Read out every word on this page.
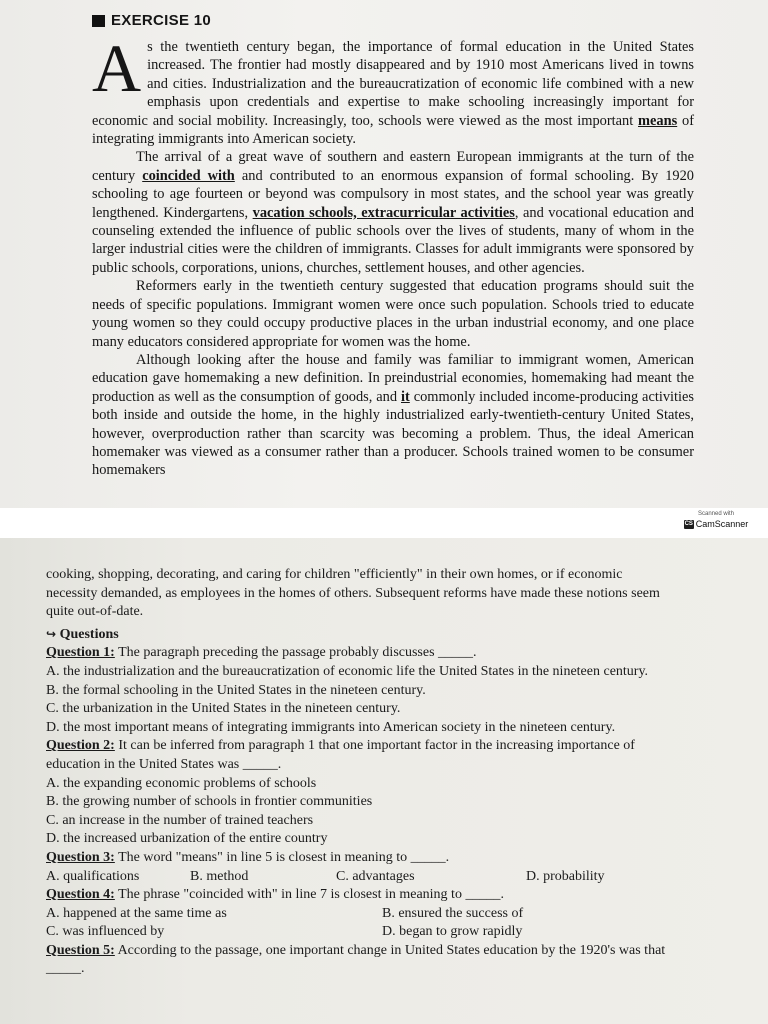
EXERCISE 10

As the twentieth century began, the importance of formal education in the United States increased. The frontier had mostly disappeared and by 1910 most Americans lived in towns and cities. Industrialization and the bureaucratization of economic life combined with a new emphasis upon credentials and expertise to make schooling increasingly important for economic and social mobility. Increasingly, too, schools were viewed as the most important means of integrating immigrants into American society.

The arrival of a great wave of southern and eastern European immigrants at the turn of the century coincided with and contributed to an enormous expansion of formal schooling. By 1920 schooling to age fourteen or beyond was compulsory in most states, and the school year was greatly lengthened. Kindergartens, vacation schools, extracurricular activities, and vocational education and counseling extended the influence of public schools over the lives of students, many of whom in the larger industrial cities were the children of immigrants. Classes for adult immigrants were sponsored by public schools, corporations, unions, churches, settlement houses, and other agencies.

Reformers early in the twentieth century suggested that education programs should suit the needs of specific populations. Immigrant women were once such population. Schools tried to educate young women so they could occupy productive places in the urban industrial economy, and one place many educators considered appropriate for women was the home.

Although looking after the house and family was familiar to immigrant women, American education gave homemaking a new definition. In preindustrial economies, homemaking had meant the production as well as the consumption of goods, and it commonly included income-producing activities both inside and outside the home, in the highly industrialized early-twentieth-century United States, however, overproduction rather than scarcity was becoming a problem. Thus, the ideal American homemaker was viewed as a consumer rather than a producer. Schools trained women to be consumer homemakers

Scanned with
CS CamScanner

cooking, shopping, decorating, and caring for children "efficiently" in their own homes, or if economic necessity demanded, as employees in the homes of others. Subsequent reforms have made these notions seem quite out-of-date.

↪ Questions

Question 1: The paragraph preceding the passage probably discusses _____.

A. the industrialization and the bureaucratization of economic life the United States in the nineteen century.

B. the formal schooling in the United States in the nineteen century.

C. the urbanization in the United States in the nineteen century.

D. the most important means of integrating immigrants into American society in the nineteen century.

Question 2: It can be inferred from paragraph 1 that one important factor in the increasing importance of education in the United States was _____.

A. the expanding economic problems of schools

B. the growing number of schools in frontier communities

C. an increase in the number of trained teachers

D. the increased urbanization of the entire country

Question 3: The word "means" in line 5 is closest in meaning to _____.

A. qualifications	B. method	C. advantages	D. probability

Question 4: The phrase "coincided with" in line 7 is closest in meaning to _____.

A. happened at the same time as	B. ensured the success of
C. was influenced by	D. began to grow rapidly

Question 5: According to the passage, one important change in United States education by the 1920's was that _____.
